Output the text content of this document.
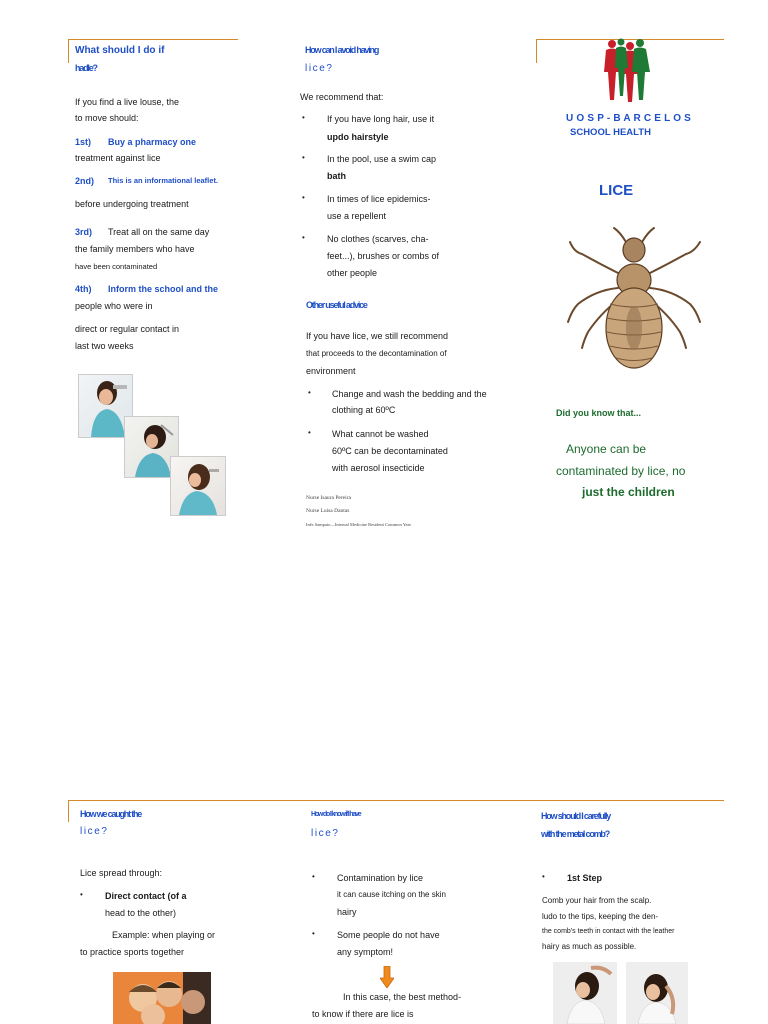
What should I do if
hadle?
If you find a live louse, the
to move should:
1st) Buy a pharmacy one
treatment against lice
2nd) This is an informational leaflet.
before undergoing treatment
3rd) Treat all on the same day
the family members who have
have been contaminated
4th) Inform the school and the
people who were in
direct or regular contact in
last two weeks
How can I avoid having
lice?
We recommend that:
• If you have long hair, use it
updo hairstyle
• In the pool, use a swim cap
bath
• In times of lice epidemics-
use a repellent
• No clothes (scarves, cha-
feet...), brushes or combs of
other people
Other useful advice
If you have lice, we still recommend
that proceeds to the decontamination of
environment
• Change and wash the bedding and the
clothing at 60ºC
• What cannot be washed
60ºC can be decontaminated
with aerosol insecticide
Nurse Isaura Pereira
Nurse Luisa Dantas
Inês Sampaio—Internal Medicine Resident Common Year
U O S P - B A R C E L O S
SCHOOL HEALTH
LICE
Did you know that...
Anyone can be
contaminated by lice, no
just the children
How we caught the
lice?
Lice spread through:
• Direct contact (of a
head to the other)
Example: when playing or
to practice sports together
How do I know if I have
lice?
• Contamination by lice
it can cause itching on the skin
hairy
• Some people do not have
any symptom!
In this case, the best method-
to know if there are lice is
How should I carefully
with the metal comb?
• 1st Step
Comb your hair from the scalp.
ludo to the tips, keeping the den-
the comb's teeth in contact with the leather
hairy as much as possible.
